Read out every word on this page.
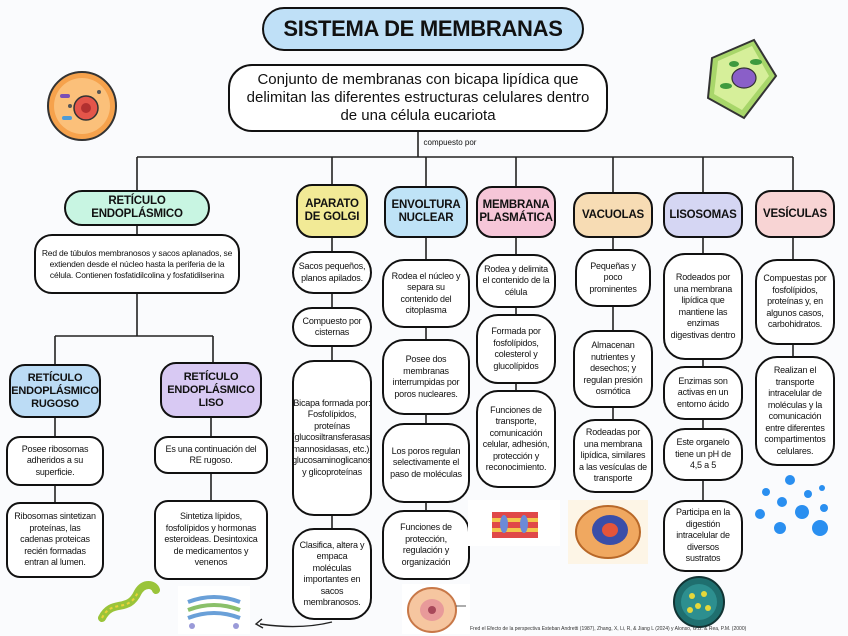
SISTEMA DE MEMBRANAS
Conjunto de membranas con bicapa lipídica que delimitan las diferentes estructuras celulares dentro de una célula eucariota
compuesto por
RETÍCULO ENDOPLÁSMICO
Red de túbulos membranosos y sacos aplanados, se extienden desde el núcleo hasta la periferia de la célula. Contienen fosfatidilcolina y fosfatidilserina
RETÍCULO ENDOPLÁSMICO RUGOSO
Posee ribosomas adheridos a su superficie.
Ribosomas sintetizan proteínas, las cadenas proteicas recién formadas entran al lumen.
RETÍCULO ENDOPLÁSMICO LISO
Es una continuación del RE rugoso.
Sintetiza lípidos, fosfolípidos y hormonas esteroideas. Desintoxica de medicamentos y venenos
APARATO DE GOLGI
Sacos pequeños, planos apilados.
Compuesto por cisternas
Bicapa formada por: Fosfolípidos, proteínas (glucosiltransferasas, mannosidasas, etc.), glucosaminoglicanos y glicoproteínas
Clasifica, altera y empaca moléculas importantes en sacos membranosos.
ENVOLTURA NUCLEAR
Rodea el núcleo y separa su contenido del citoplasma
Posee dos membranas interrumpidas por poros nucleares.
Los poros regulan selectivamente el paso de moléculas
Funciones de protección, regulación y organización
MEMBRANA PLASMÁTICA
Rodea y delimita el contenido de la célula
Formada por fosfolípidos, colesterol y glucolípidos
Funciones de transporte, comunicación celular, adhesión, protección y reconocimiento.
VACUOLAS
Pequeñas y poco prominentes
Almacenan nutrientes y desechos; y regulan presión osmótica
Rodeadas por una membrana lipídica, similares a las vesículas de transporte
LISOSOMAS
Rodeados por una membrana lipídica que mantiene las enzimas digestivas dentro
Enzimas son activas en un entorno ácido
Este organelo tiene un pH de 4,5 a 5
Participa en la digestión intracelular de diversos sustratos
VESÍCULAS
Compuestas por fosfolípidos, proteínas y, en algunos casos, carbohidratos.
Realizan el transporte intracelular de moléculas y la comunicación entre diferentes compartimentos celulares.
Fred el Efecto de la perspectiva Esteban Andretti (1987), Zhang, X, Li, R, & Jiang L (2024) y Alonso, G.B. & Rea, P.M. (2000)
